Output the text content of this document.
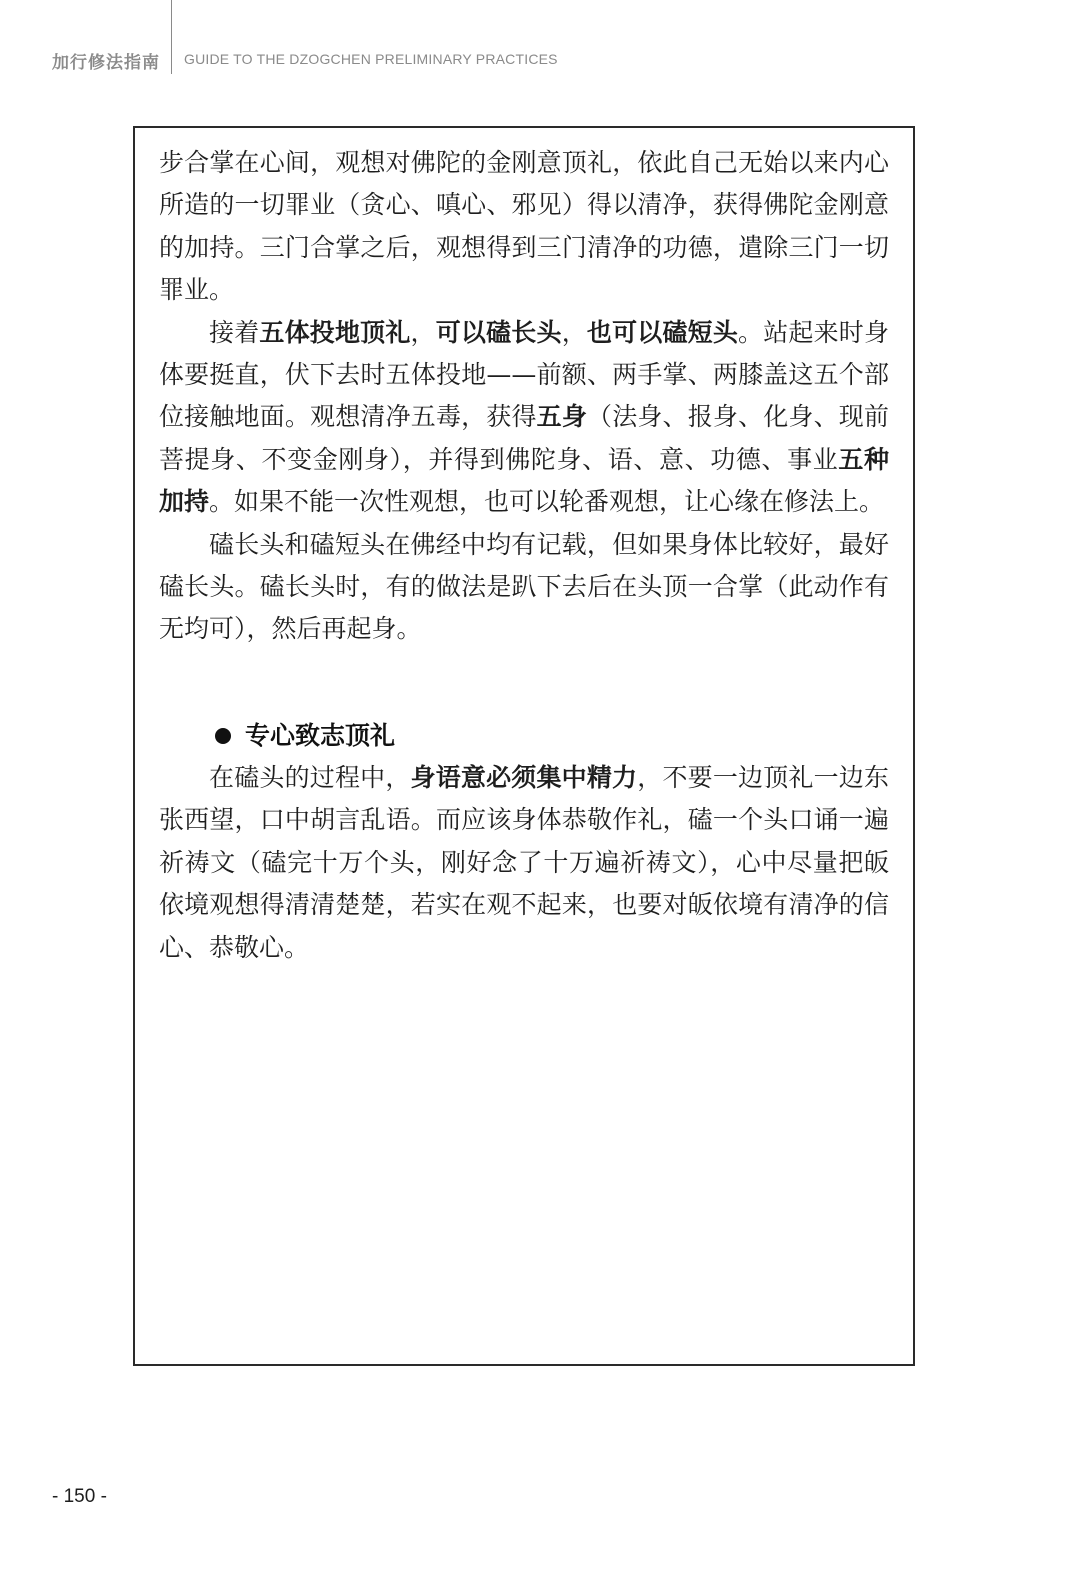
加行修法指南 GUIDE TO THE DZOGCHEN PRELIMINARY PRACTICES

步合掌在心间，观想对佛陀的金刚意顶礼，依此自己无始以来内心所造的一切罪业（贪心、嗔心、邪见）得以清净，获得佛陀金刚意的加持。三门合掌之后，观想得到三门清净的功德，遣除三门一切罪业。

接着五体投地顶礼，可以磕长头，也可以磕短头。站起来时身体要挺直，伏下去时五体投地——前额、两手掌、两膝盖这五个部位接触地面。观想清净五毒，获得五身（法身、报身、化身、现前菩提身、不变金刚身），并得到佛陀身、语、意、功德、事业五种加持。如果不能一次性观想，也可以轮番观想，让心缘在修法上。

磕长头和磕短头在佛经中均有记载，但如果身体比较好，最好磕长头。磕长头时，有的做法是趴下去后在头顶一合掌（此动作有无均可），然后再起身。

专心致志顶礼

在磕头的过程中，身语意必须集中精力，不要一边顶礼一边东张西望，口中胡言乱语。而应该身体恭敬作礼，磕一个头口诵一遍祈祷文（磕完十万个头，刚好念了十万遍祈祷文），心中尽量把皈依境观想得清清楚楚，若实在观不起来，也要对皈依境有清净的信心、恭敬心。

- 150 -
